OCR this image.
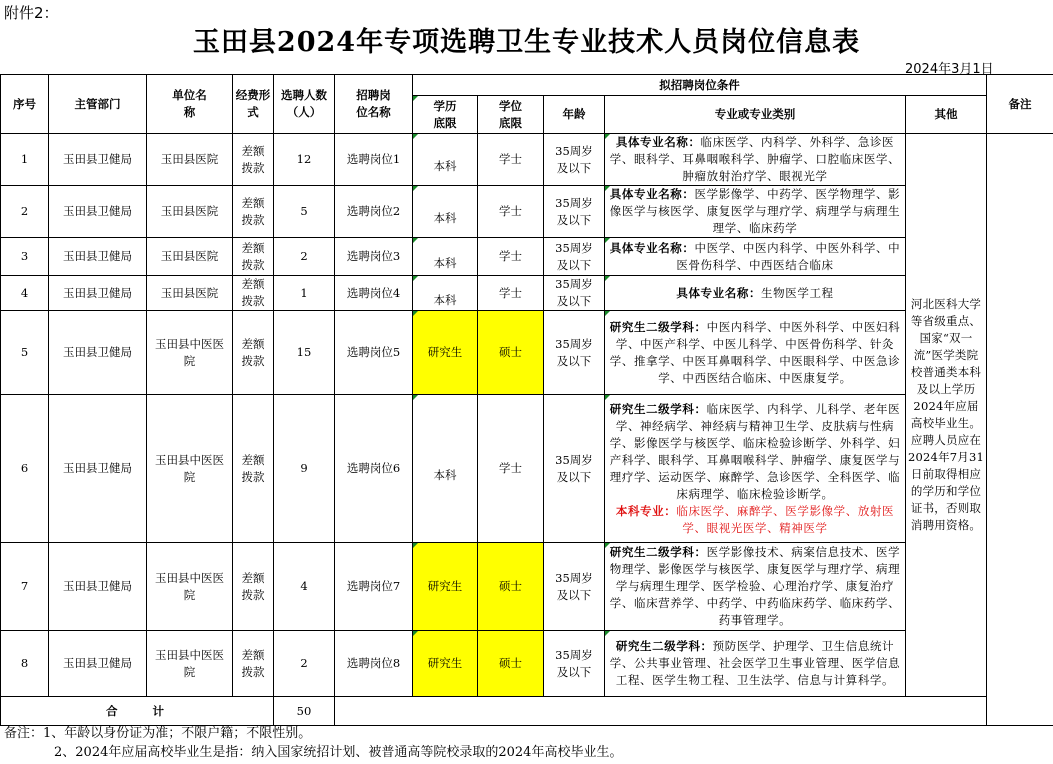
附件2：
玉田县2024年专项选聘卫生专业技术人员岗位信息表
2024年3月1日
序号	主管部门	单位名称	经费形式	选聘人数（人）	招聘岗位名称	拟招聘岗位条件					备注
						学历底限	学位底限	年龄	专业或专业类别	其他	
1	玉田县卫健局	玉田县医院	差额拨款	12	选聘岗位1	本科	学士	35周岁及以下	具体专业名称：临床医学、内科学、外科学、急诊医学、眼科学、耳鼻咽喉科学、肿瘤学、口腔临床医学、肿瘤放射治疗学、眼视光学	河北医科大学等省级重点、国家“双一流”医学类院校普通类本科及以上学历2024年应届高校毕业生。应聘人员应在2024年7月31日前取得相应的学历和学位证书，否则取消聘用资格。	
2	玉田县卫健局	玉田县医院	差额拨款	5	选聘岗位2	本科	学士	35周岁及以下	具体专业名称：医学影像学、中药学、医学物理学、影像医学与核医学、康复医学与理疗学、病理学与病理生理学、临床药学		
3	玉田县卫健局	玉田县医院	差额拨款	2	选聘岗位3	本科	学士	35周岁及以下	具体专业名称：中医学、中医内科学、中医外科学、中医骨伤科学、中西医结合临床		
4	玉田县卫健局	玉田县医院	差额拨款	1	选聘岗位4	本科	学士	35周岁及以下	具体专业名称：生物医学工程		
5	玉田县卫健局	玉田县中医医院	差额拨款	15	选聘岗位5	研究生	硕士	35周岁及以下	研究生二级学科：中医内科学、中医外科学、中医妇科学、中医产科学、中医儿科学、中医骨伤科学、针灸学、推拿学、中医耳鼻咽科学、中医眼科学、中医急诊学、中西医结合临床、中医康复学。		
6	玉田县卫健局	玉田县中医医院	差额拨款	9	选聘岗位6	本科	学士	35周岁及以下	研究生二级学科：临床医学、内科学、儿科学、老年医学、神经病学、神经病与精神卫生学、皮肤病与性病学、影像医学与核医学、临床检验诊断学、外科学、妇产科学、眼科学、耳鼻咽喉科学、肿瘤学、康复医学与理疗学、运动医学、麻醉学、急诊医学、全科医学、临床病理学、临床检验诊断学。
本科专业：临床医学、麻醉学、医学影像学、放射医学、眼视光医学、精神医学		
7	玉田县卫健局	玉田县中医医院	差额拨款	4	选聘岗位7	研究生	硕士	35周岁及以下	研究生二级学科：医学影像技术、病案信息技术、医学物理学、影像医学与核医学、康复医学与理疗学、病理学与病理生理学、医学检验、心理治疗学、康复治疗学、临床营养学、中药学、中药临床药学、临床药学、药事管理学。		
8	玉田县卫健局	玉田县中医医院	差额拨款	2	选聘岗位8	研究生	硕士	35周岁及以下	研究生二级学科：预防医学、护理学、卫生信息统计学、公共事业管理、社会医学卫生事业管理、医学信息工程、医学生物工程、卫生法学、信息与计算科学。		
合　　计				50							
备注：1、年龄以身份证为准；不限户籍；不限性别。
2、2024年应届高校毕业生是指：纳入国家统招计划、被普通高等院校录取的2024年高校毕业生。
